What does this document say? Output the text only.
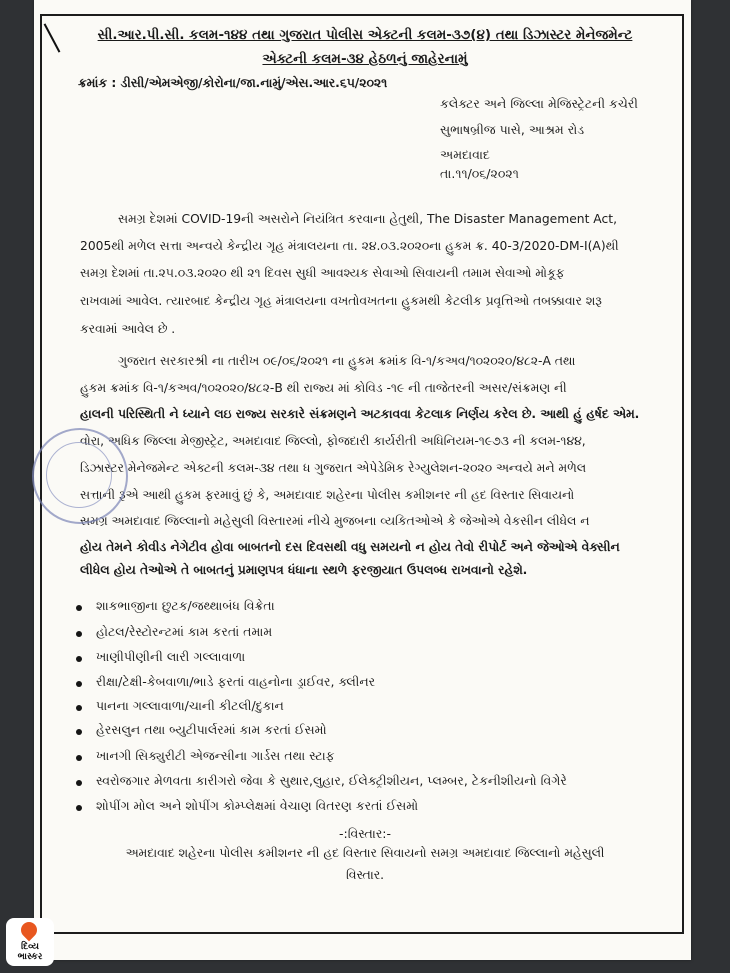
સી.આર.પી.સી. કલમ-૧૪૪ તથા ગુજરાત પોલીસ એક્ટની કલમ-૩૭(૪) તથા ડિઝાસ્ટર મેનેજમેન્ટ
એક્ટની કલમ-૩૪ હેઠળનું જાહેરનામું
ક્રમાંક : ડીસી/એમએજી/કોરોના/જા.નામું/એસ.આર.૬૫/૨૦૨૧
કલેક્ટર અને જિલ્લા મેજિસ્ટ્રેટની કચેરી
સુભાષબ્રીજ પાસે, આશ્રમ રોડ
અમદાવાદ
તા.૧૧/૦૬/૨૦૨૧
સમગ્ર દેશમાં COVID-19ની અસરોને નિયંત્રિત કરવાના હેતુથી, The Disaster Management Act,
2005થી મળેલ સત્તા અન્વયે કેન્દ્રીય ગૃહ મંત્રાલયના તા. ૨૪.૦૩.૨૦૨૦ના હુકમ ક્ર. 40-3/2020-DM-I(A)થી
સમગ્ર દેશમાં તા.૨૫.૦૩.૨૦૨૦ થી ૨૧ દિવસ સુધી આવશ્યક સેવાઓ સિવાયની તમામ સેવાઓ મોકૂફ
રાખવામાં આવેલ. ત્યારબાદ કેન્દ્રીય ગૃહ મંત્રાલયના વખતોવખતના હુકમથી કેટલીક પ્રવૃત્તિઓ તબક્કાવાર શરૂ
કરવામાં આવેલ છે .
ગુજરાત સરકારશ્રી ના તારીખ ૦૯/૦૬/૨૦૨૧ ના હુકમ ક્રમાંક વિ-૧/કઅવ/૧૦૨૦૨૦/૪૮૨-A તથા
હુકમ ક્રમાંક વિ-૧/કઅવ/૧૦૨૦૨૦/૪૮૨-B થી રાજ્ય માં કોવિડ -૧૯ ની તાજેતરની અસર/સંક્રમણ ની
હાલની પરિસ્થિતી ને ધ્યાને લઇ રાજ્ય સરકારે સંક્રમણને અટકાવવા કેટલાક નિર્ણય કરેલ છે. આથી હું હર્ષદ એમ.
વોરા, અધિક જિલ્લા મેજીસ્ટ્રેટ, અમદાવાદ જિલ્લો, ફોજદારી કાર્યરીતી અધિનિયમ-૧૯૭૩ ની કલમ-૧૪૪,
ડિઝાસ્ટર મેનેજમેન્ટ એક્ટની કલમ-૩૪ તથા ધ ગુજરાત એપેડેમિક રેગ્યુલેશન-૨૦૨૦ અન્વયે મને મળેલ
સત્તાની રૂએ આથી હુકમ ફરમાવું છું કે, અમદાવાદ શહેરના પોલીસ કમીશનર ની હદ વિસ્તાર સિવાયનો
સમગ્ર અમદાવાદ જિલ્લાનો મહેસુલી વિસ્તારમાં નીચે મુજબના વ્યકિતઓએ કે જેઓએ વેકસીન લીધેલ ન
હોય તેમને કોવીડ નેગેટીવ હોવા બાબતનો દસ દિવસથી વધુ સમયનો ન હોય તેવો રીપોર્ટ અને જેઓએ વેક્સીન
લીધેલ હોય તેઓએ તે બાબતનું પ્રમાણપત્ર ધંધાના સ્થળે ફરજીયાત ઉપલબ્ધ રાખવાનો રહેશે.
શાકભાજીના છુટક/જથ્થાબંધ વિક્રેતા
હોટલ/રેસ્ટોરન્ટમાં કામ કરતાં તમામ
ખાણીપીણીની લારી ગલ્લાવાળા
રીક્ષા/ટેક્ષી-કેબવાળા/ભાડે ફરતાં વાહનોના ડ્રાઈવર, ક્લીનર
પાનના ગલ્લાવાળા/ચાની કીટલી/દુકાન
હેરસલુન તથા બ્યુટીપાર્લરમાં કામ કરતાં ઈસમો
ખાનગી સિક્યુરીટી એજન્સીના ગાર્ડસ તથા સ્ટાફ
સ્વરોજગાર મેળવતા કારીગરો જેવા કે સુથાર,લુહાર, ઈલેક્ટ્રીશીયન, પ્લમ્બર, ટેકનીશીયનો વિગેરે
શોપીંગ મોલ અને શોપીંગ કોમ્પ્લેક્ષમાં વેચાણ વિતરણ કરતાં ઈસમો
-:વિસ્તાર:-
અમદાવાદ શહેરના પોલીસ કમીશનર ની હદ વિસ્તાર સિવાયનો સમગ્ર અમદાવાદ જિલ્લાનો મહેસુલી
વિસ્તાર.
દિવ્ય
ભાસ્કર
